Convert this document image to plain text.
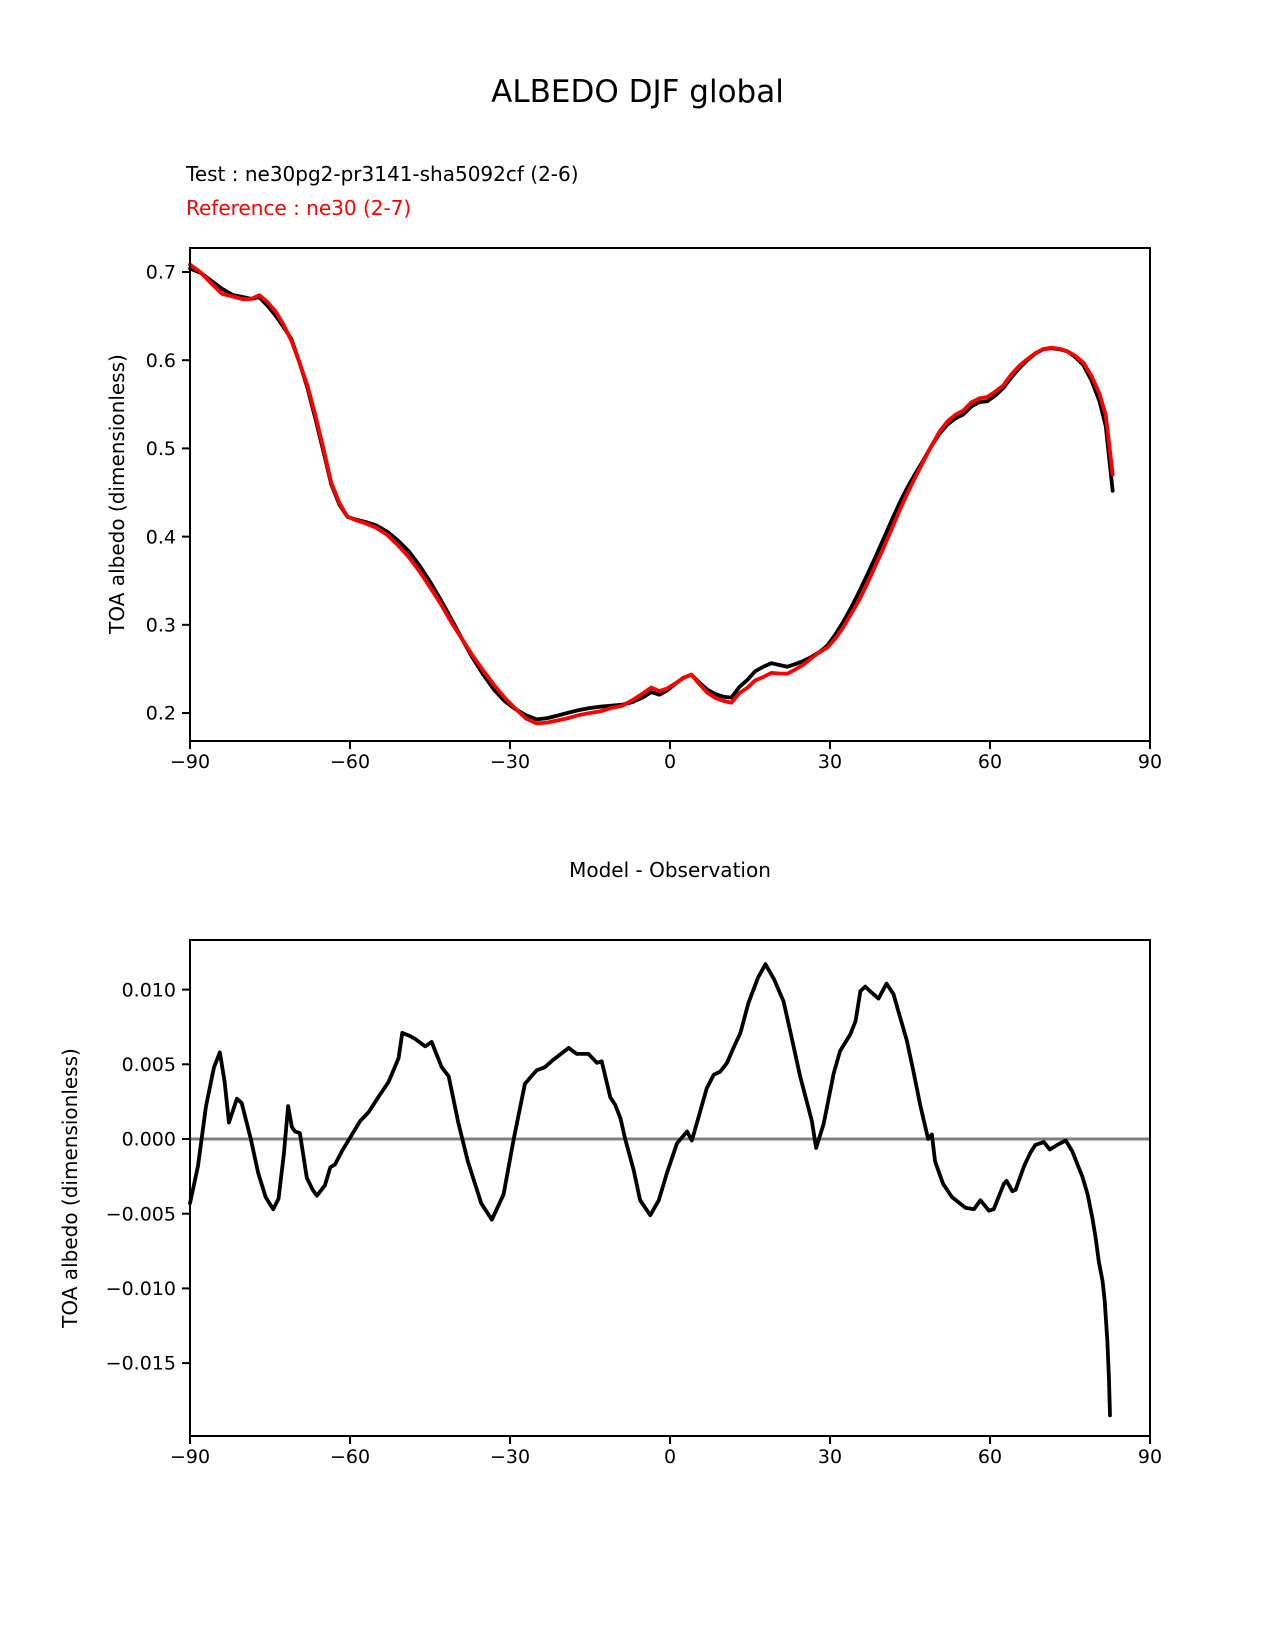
ALBEDO DJF global
Test : ne30pg2-pr3141-sha5092cf (2-6)
Reference : ne30 (2-7)
TOA albedo (dimensionless)
Model - Observation
TOA albedo (dimensionless)
−90	−60	−30	0	30	60	90
0.2
0.3
0.4
0.5
0.6
0.7
−90	−60	−30	0	30	60	90
0.010
0.005
0.000
−0.005
−0.010
−0.015
